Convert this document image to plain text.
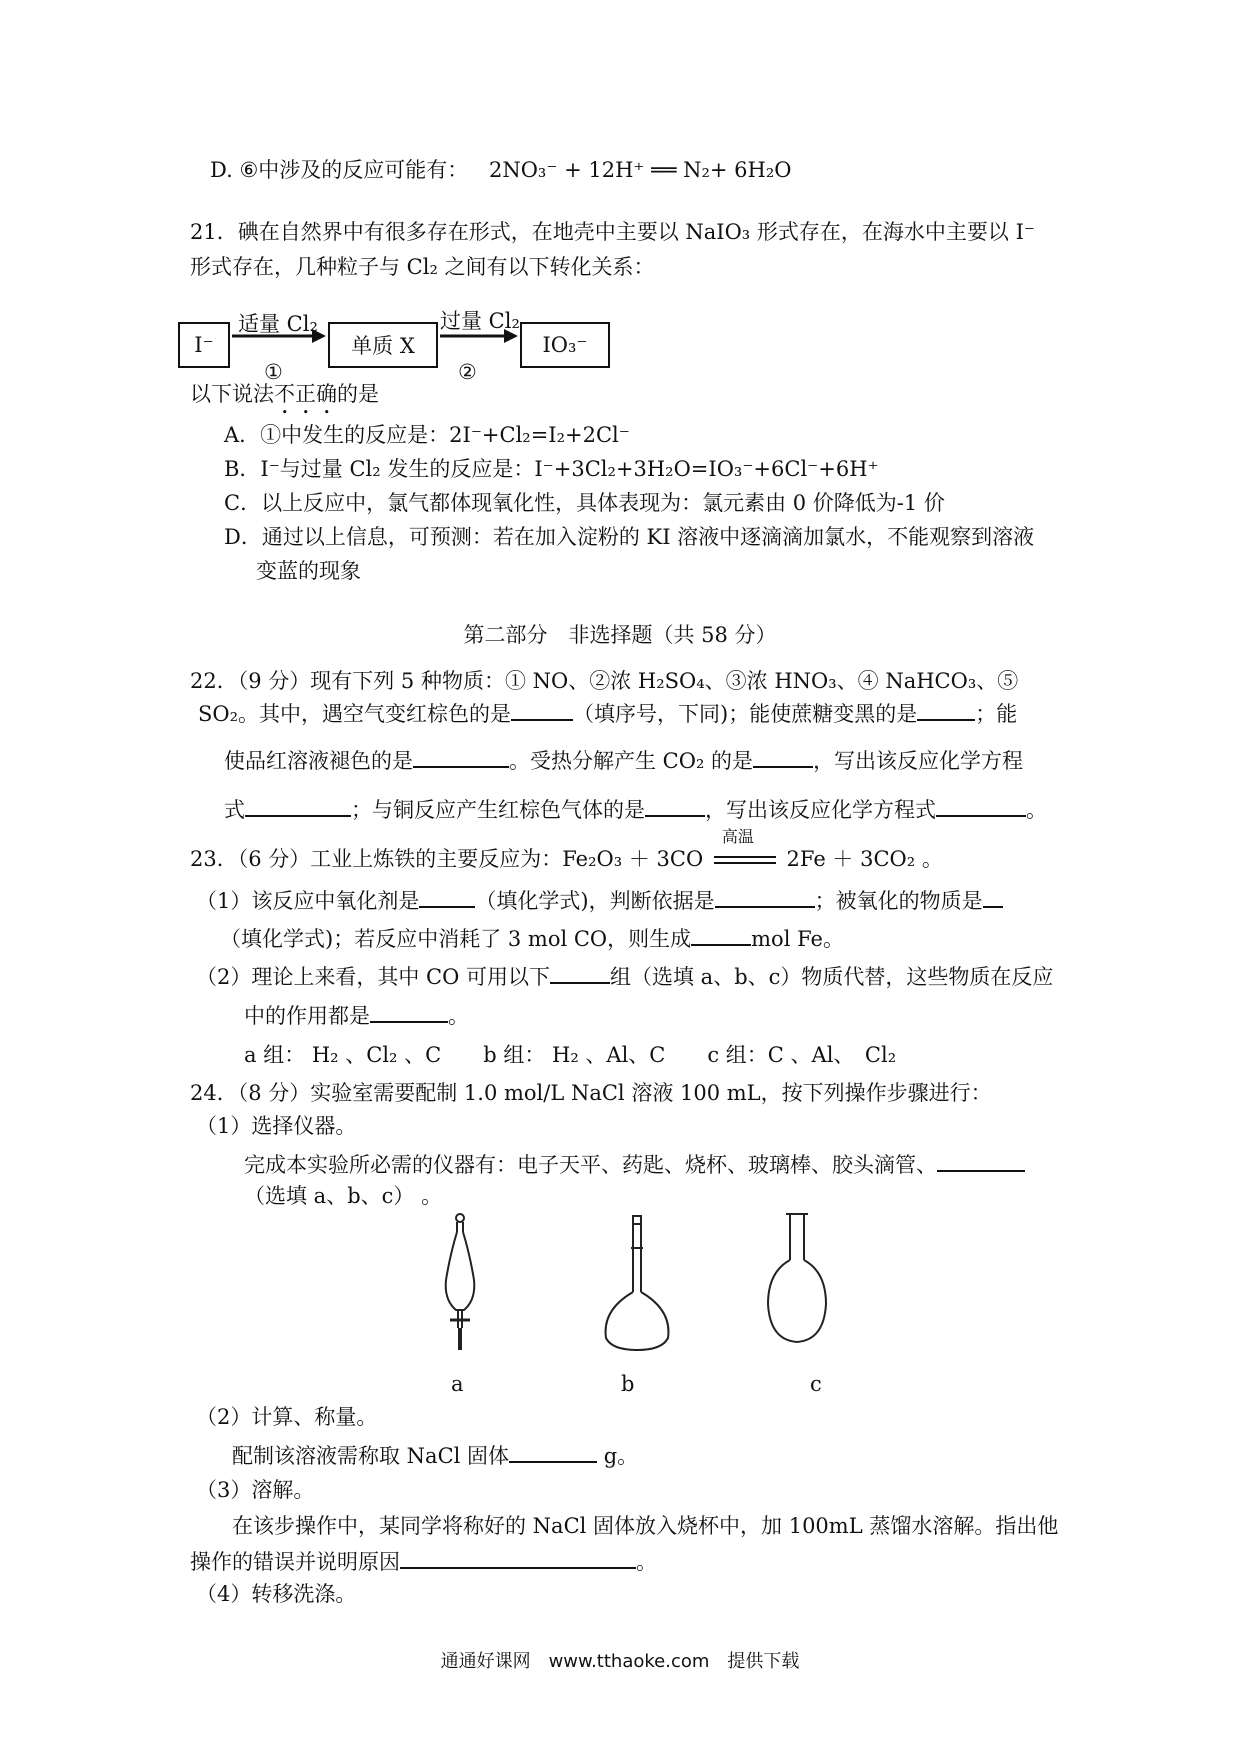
D. ⑥中涉及的反应可能有： 2NO₃⁻ + 12H⁺ ══ N₂+ 6H₂O
21．碘在自然界中有很多存在形式，在地壳中主要以 NaIO₃ 形式存在，在海水中主要以 I⁻
形式存在，几种粒子与 Cl₂ 之间有以下转化关系：
I⁻	单质 X	IO₃⁻
适量 Cl₂
①
过量 Cl₂
②
以下说法不正确的是
A．①中发生的反应是：2I⁻+Cl₂=I₂+2Cl⁻
B．I⁻与过量 Cl₂ 发生的反应是：I⁻+3Cl₂+3H₂O=IO₃⁻+6Cl⁻+6H⁺
C．以上反应中，氯气都体现氧化性，具体表现为：氯元素由 0 价降低为-1 价
D．通过以上信息，可预测：若在加入淀粉的 KI 溶液中逐滴滴加氯水，不能观察到溶液
变蓝的现象
第二部分　非选择题（共 58 分）
22．（9 分）现有下列 5 种物质：① NO、②浓 H₂SO₄、③浓 HNO₃、④ NaHCO₃、⑤
SO₂。其中，遇空气变红棕色的是	（填序号，下同)；能使蔗糖变黑的是	；能
使品红溶液褪色的是	。受热分解产生 CO₂ 的是	，写出该反应化学方程
式	；与铜反应产生红棕色气体的是	，写出该反应化学方程式	。
23．（6 分）工业上炼铁的主要反应为：Fe₂O₃ ＋ 3CO
高温
2Fe ＋ 3CO₂ 。
（1）该反应中氧化剂是	（填化学式)，判断依据是	；被氧化的物质是
（填化学式)；若反应中消耗了 3 mol CO，则生成	mol Fe。
（2）理论上来看，其中 CO 可用以下	组（选填 a、b、c）物质代替，这些物质在反应
中的作用都是	。
a 组： H₂ 、Cl₂ 、C　　b 组： H₂ 、Al、C　　c 组：C 、Al、　Cl₂
24．（8 分）实验室需要配制 1.0 mol/L NaCl 溶液 100 mL，按下列操作步骤进行：
（1）选择仪器。
完成本实验所必需的仪器有：电子天平、药匙、烧杯、玻璃棒、胶头滴管、
（选填 a、b、c） 。
a	b	c
（2）计算、称量。
配制该溶液需称取 NaCl 固体	g。
（3）溶解。
在该步操作中，某同学将称好的 NaCl 固体放入烧杯中，加 100mL 蒸馏水溶解。指出他
操作的错误并说明原因	。
（4）转移洗涤。
通通好课网　www.tthaoke.com　提供下载
